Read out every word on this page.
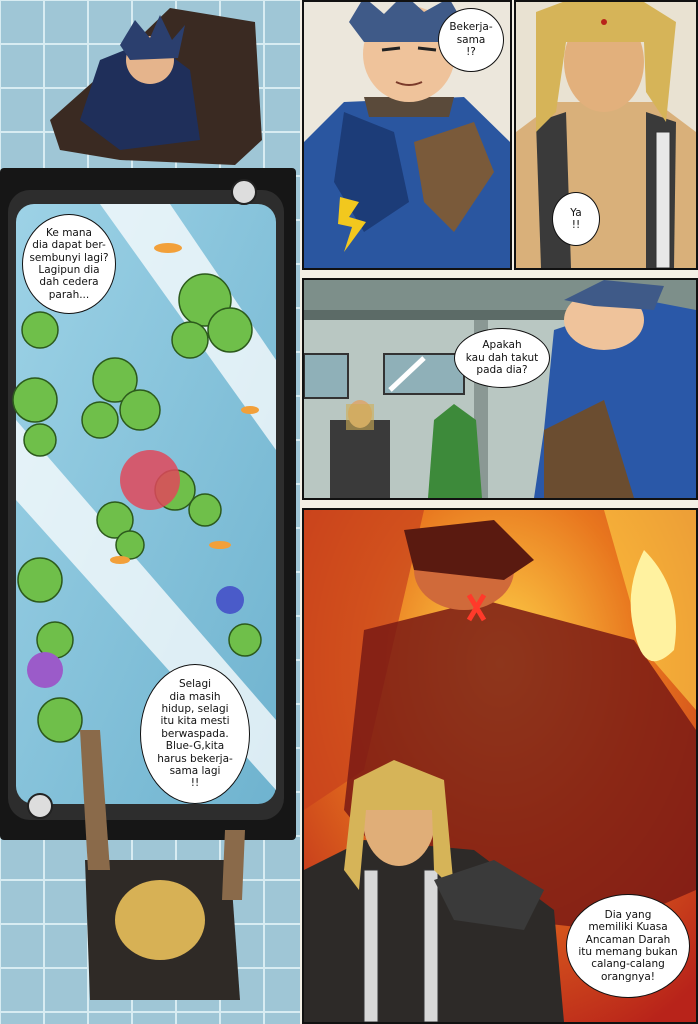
Ke mana
dia dapat ber-
sembunyi lagi?
Lagipun dia
dah cedera
parah...
Selagi
dia masih
hidup, selagi
itu kita mesti
berwaspada.
Blue-G,kita
harus bekerja-
sama lagi
!!
Bekerja-
sama
!?
Ya
!!
Apakah
kau dah takut
pada dia?
Dia yang
memiliki Kuasa
Ancaman Darah
itu memang bukan
calang-calang
orangnya!
